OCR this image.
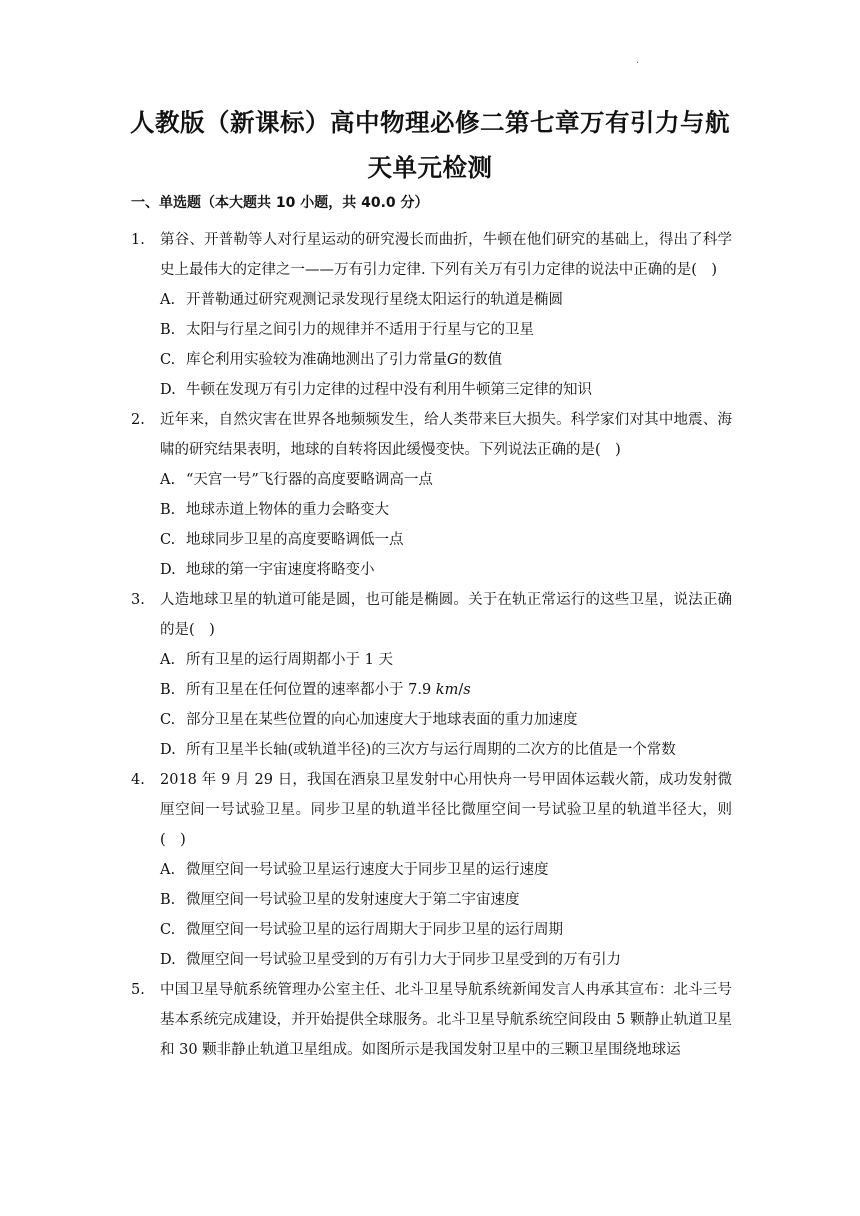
·
人教版（新课标）高中物理必修二第七章万有引力与航天单元检测
一、单选题（本大题共 10 小题，共 40.0 分）
1. 第谷、开普勒等人对行星运动的研究漫长而曲折，牛顿在他们研究的基础上，得出了科学史上最伟大的定律之一——万有引力定律. 下列有关万有引力定律的说法中正确的是(　)
A. 开普勒通过研究观测记录发现行星绕太阳运行的轨道是椭圆
B. 太阳与行星之间引力的规律并不适用于行星与它的卫星
C. 库仑利用实验较为准确地测出了引力常量𝐺的数值
D. 牛顿在发现万有引力定律的过程中没有利用牛顿第三定律的知识
2. 近年来，自然灾害在世界各地频频发生，给人类带来巨大损失。科学家们对其中地震、海啸的研究结果表明，地球的自转将因此缓慢变快。下列说法正确的是(　)
A. “天宫一号”飞行器的高度要略调高一点
B. 地球赤道上物体的重力会略变大
C. 地球同步卫星的高度要略调低一点
D. 地球的第一宇宙速度将略变小
3. 人造地球卫星的轨道可能是圆，也可能是椭圆。关于在轨正常运行的这些卫星，说法正确的是(　)
A. 所有卫星的运行周期都小于 1 天
B. 所有卫星在任何位置的速率都小于 7.9 𝑘𝑚/𝑠
C. 部分卫星在某些位置的向心加速度大于地球表面的重力加速度
D. 所有卫星半长轴(或轨道半径)的三次方与运行周期的二次方的比值是一个常数
4. 2018 年 9 月 29 日，我国在酒泉卫星发射中心用快舟一号甲固体运载火箭，成功发射微厘空间一号试验卫星。同步卫星的轨道半径比微厘空间一号试验卫星的轨道半径大，则(　)
A. 微厘空间一号试验卫星运行速度大于同步卫星的运行速度
B. 微厘空间一号试验卫星的发射速度大于第二宇宙速度
C. 微厘空间一号试验卫星的运行周期大于同步卫星的运行周期
D. 微厘空间一号试验卫星受到的万有引力大于同步卫星受到的万有引力
5. 中国卫星导航系统管理办公室主任、北斗卫星导航系统新闻发言人冉承其宣布：北斗三号基本系统完成建设，并开始提供全球服务。北斗卫星导航系统空间段由 5 颗静止轨道卫星和 30 颗非静止轨道卫星组成。如图所示是我国发射卫星中的三颗卫星围绕地球运
